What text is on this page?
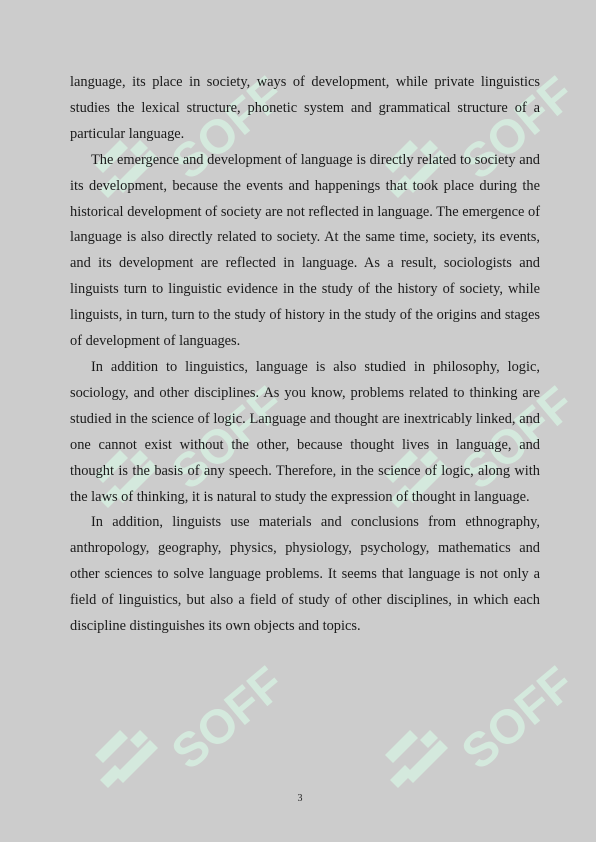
SOFF	SOFF
SOFF	SOFF
SOFF	SOFF

language, its place in society, ways of development, while private linguistics studies the lexical structure, phonetic system and grammatical structure of a particular language.

The emergence and development of language is directly related to society and its development, because the events and happenings that took place during the historical development of society are not reflected in language. The emergence of language is also directly related to society. At the same time, society, its events, and its development are reflected in language. As a result, sociologists and linguists turn to linguistic evidence in the study of the history of society, while linguists, in turn, turn to the study of history in the study of the origins and stages of development of languages.

In addition to linguistics, language is also studied in philosophy, logic, sociology, and other disciplines. As you know, problems related to thinking are studied in the science of logic. Language and thought are inextricably linked, and one cannot exist without the other, because thought lives in language, and thought is the basis of any speech. Therefore, in the science of logic, along with the laws of thinking, it is natural to study the expression of thought in language.

In addition, linguists use materials and conclusions from ethnography, anthropology, geography, physics, physiology, psychology, mathematics and other sciences to solve language problems. It seems that language is not only a field of linguistics, but also a field of study of other disciplines, in which each discipline distinguishes its own objects and topics.

3
